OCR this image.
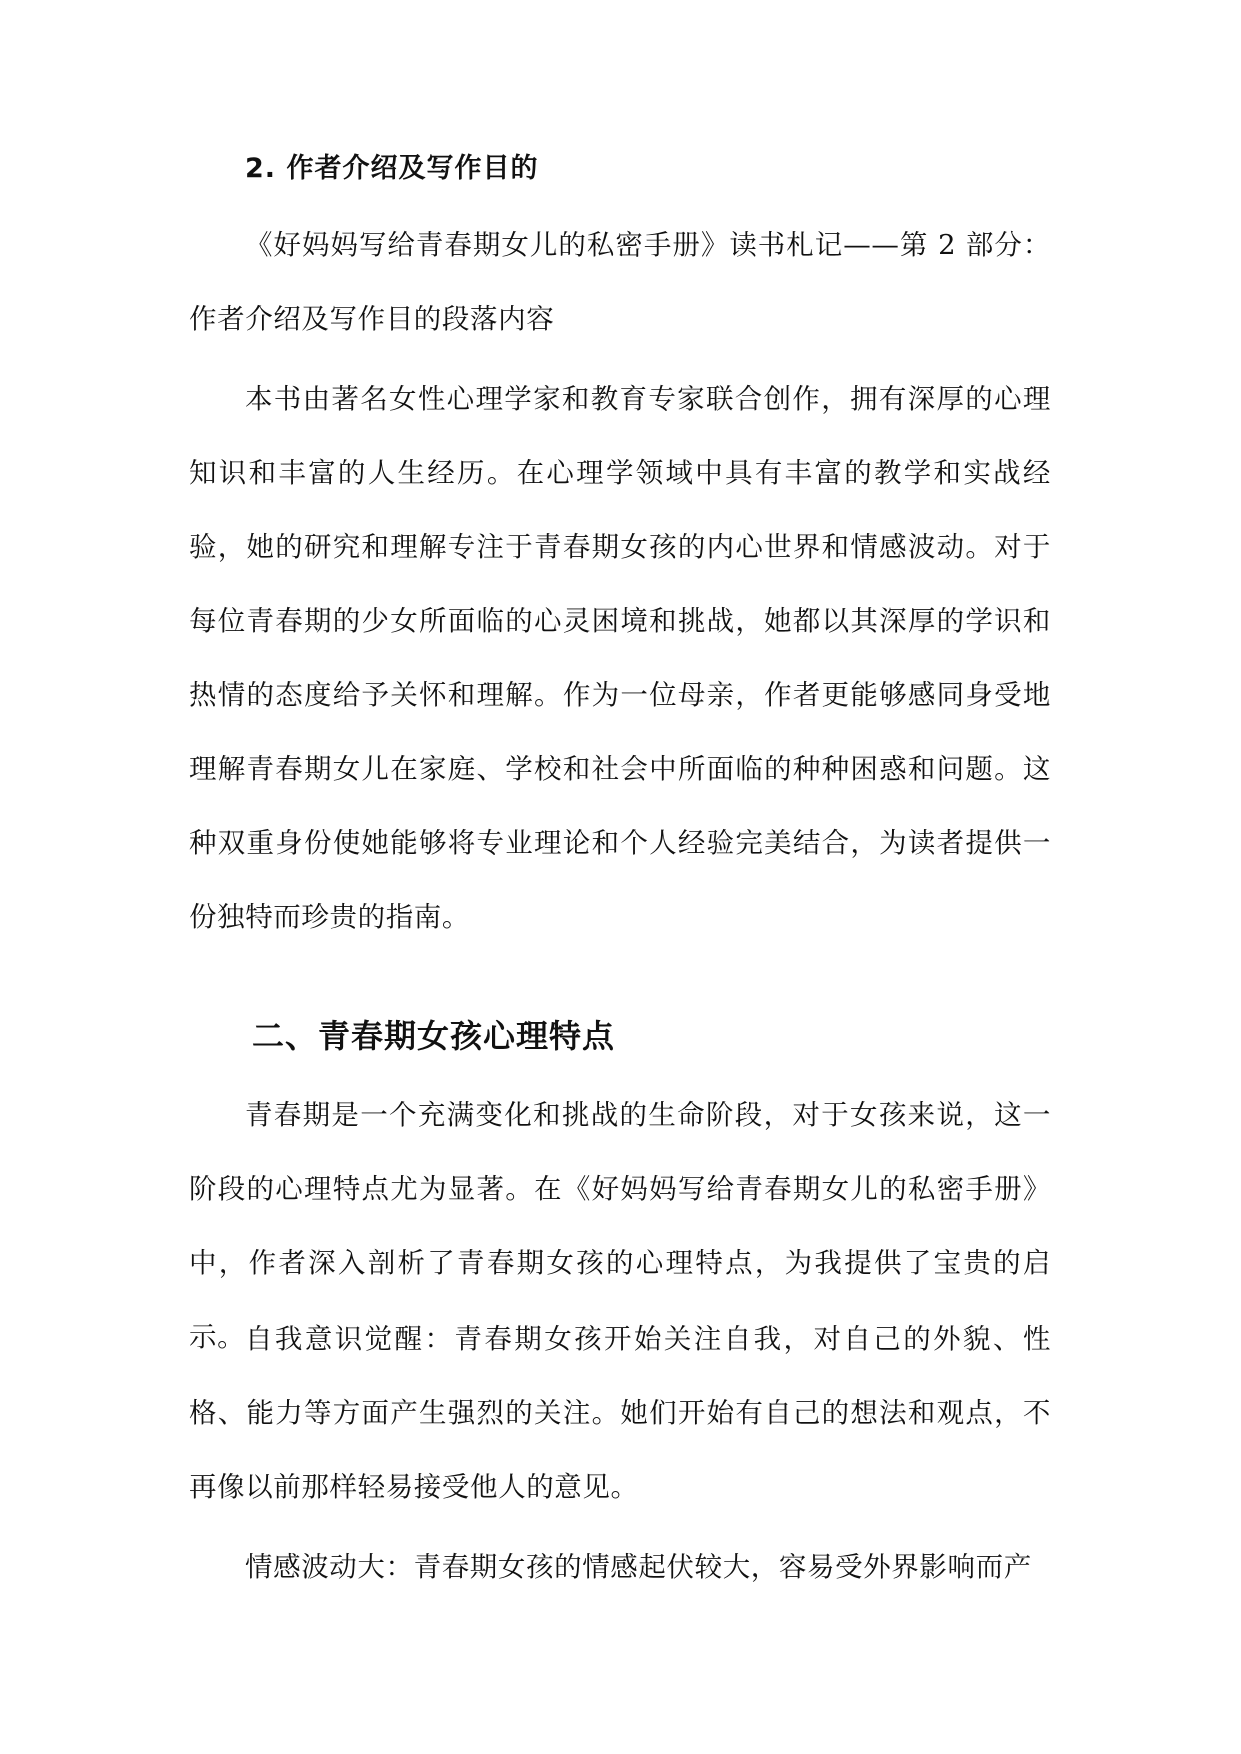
2. 作者介绍及写作目的

《好妈妈写给青春期女儿的私密手册》读书札记——第 2 部分：作者介绍及写作目的段落内容

本书由著名女性心理学家和教育专家联合创作，拥有深厚的心理知识和丰富的人生经历。在心理学领域中具有丰富的教学和实战经验，她的研究和理解专注于青春期女孩的内心世界和情感波动。对于每位青春期的少女所面临的心灵困境和挑战，她都以其深厚的学识和热情的态度给予关怀和理解。作为一位母亲，作者更能够感同身受地理解青春期女儿在家庭、学校和社会中所面临的种种困惑和问题。这种双重身份使她能够将专业理论和个人经验完美结合，为读者提供一份独特而珍贵的指南。

二、青春期女孩心理特点

青春期是一个充满变化和挑战的生命阶段，对于女孩来说，这一阶段的心理特点尤为显著。在《好妈妈写给青春期女儿的私密手册》中，作者深入剖析了青春期女孩的心理特点，为我提供了宝贵的启示。 自我意识觉醒：青春期女孩开始关注自我，对自己的外貌、性格、能力等方面产生强烈的关注。她们开始有自己的想法和观点，不再像以前那样轻易接受他人的意见。

情感波动大：青春期女孩的情感起伏较大，容易受外界影响而产
